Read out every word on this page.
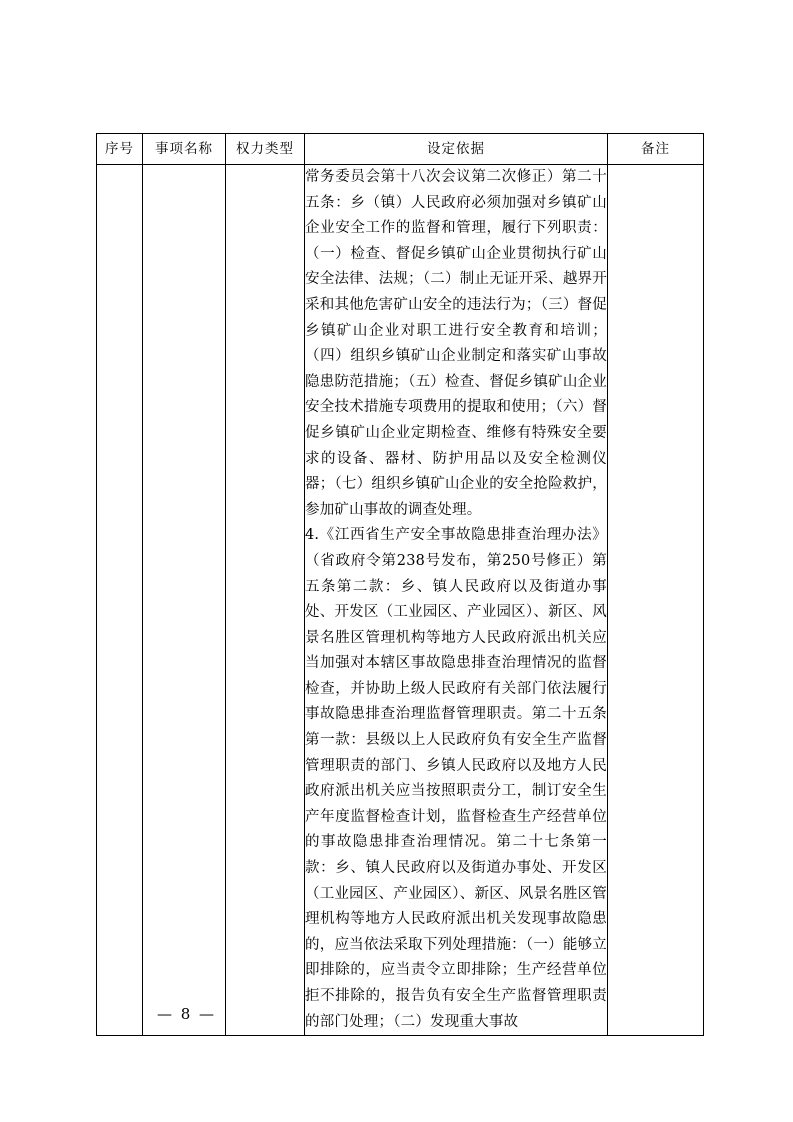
序号	事项名称	权力类型	设定依据	备注

			常务委员会第十八次会议第二次修正）第二十五条：乡（镇）人民政府必须加强对乡镇矿山企业安全工作的监督和管理，履行下列职责：（一）检查、督促乡镇矿山企业贯彻执行矿山安全法律、法规；（二）制止无证开采、越界开采和其他危害矿山安全的违法行为；（三）督促乡镇矿山企业对职工进行安全教育和培训；（四）组织乡镇矿山企业制定和落实矿山事故隐患防范措施；（五）检查、督促乡镇矿山企业安全技术措施专项费用的提取和使用；（六）督促乡镇矿山企业定期检查、维修有特殊安全要求的设备、器材、防护用品以及安全检测仪器；（七）组织乡镇矿山企业的安全抢险救护，参加矿山事故的调查处理。

4.《江西省生产安全事故隐患排查治理办法》（省政府令第238号发布，第250号修正）第五条第二款：乡、镇人民政府以及街道办事处、开发区（工业园区、产业园区）、新区、风景名胜区管理机构等地方人民政府派出机关应当加强对本辖区事故隐患排查治理情况的监督检查，并协助上级人民政府有关部门依法履行事故隐患排查治理监督管理职责。第二十五条第一款：县级以上人民政府负有安全生产监督管理职责的部门、乡镇人民政府以及地方人民政府派出机关应当按照职责分工，制订安全生产年度监督检查计划，监督检查生产经营单位的事故隐患排查治理情况。第二十七条第一款：乡、镇人民政府以及街道办事处、开发区（工业园区、产业园区）、新区、风景名胜区管理机构等地方人民政府派出机关发现事故隐患的，应当依法采取下列处理措施：（一）能够立即排除的，应当责令立即排除；生产经营单位拒不排除的，报告负有安全生产监督管理职责的部门处理；（二）发现重大事故	

— 8 —
